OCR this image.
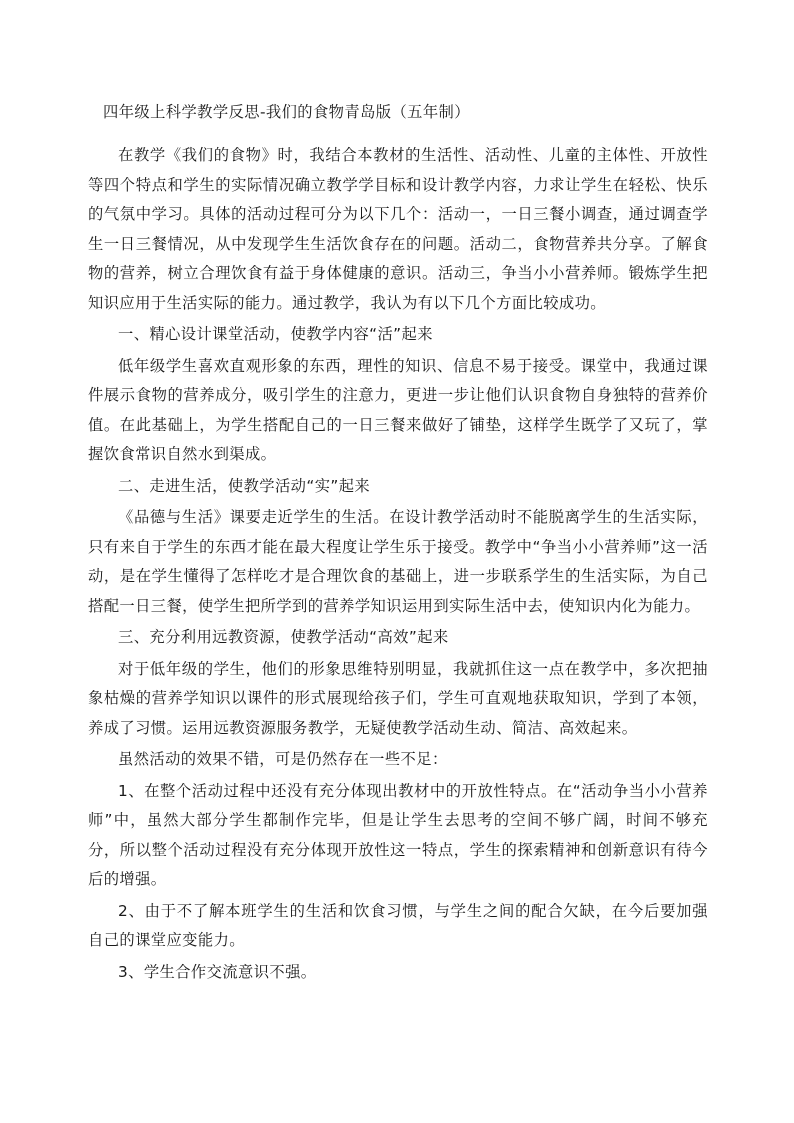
四年级上科学教学反思-我们的食物青岛版（五年制）

在教学《我们的食物》时，我结合本教材的生活性、活动性、儿童的主体性、开放性等四个特点和学生的实际情况确立教学学目标和设计教学内容，力求让学生在轻松、快乐的气氛中学习。具体的活动过程可分为以下几个：活动一，一日三餐小调查，通过调查学生一日三餐情况，从中发现学生生活饮食存在的问题。活动二，食物营养共分享。了解食物的营养，树立合理饮食有益于身体健康的意识。活动三，争当小小营养师。锻炼学生把知识应用于生活实际的能力。通过教学，我认为有以下几个方面比较成功。

一、精心设计课堂活动，使教学内容“活”起来

低年级学生喜欢直观形象的东西，理性的知识、信息不易于接受。课堂中，我通过课件展示食物的营养成分，吸引学生的注意力，更进一步让他们认识食物自身独特的营养价值。在此基础上，为学生搭配自己的一日三餐来做好了铺垫，这样学生既学了又玩了，掌握饮食常识自然水到渠成。

二、走进生活，使教学活动“实”起来

《品德与生活》课要走近学生的生活。在设计教学活动时不能脱离学生的生活实际，只有来自于学生的东西才能在最大程度让学生乐于接受。教学中“争当小小营养师”这一活动，是在学生懂得了怎样吃才是合理饮食的基础上，进一步联系学生的生活实际，为自己搭配一日三餐，使学生把所学到的营养学知识运用到实际生活中去，使知识内化为能力。

三、充分利用远教资源，使教学活动“高效”起来

对于低年级的学生，他们的形象思维特别明显，我就抓住这一点在教学中，多次把抽象枯燥的营养学知识以课件的形式展现给孩子们，学生可直观地获取知识，学到了本领，养成了习惯。运用远教资源服务教学，无疑使教学活动生动、简洁、高效起来。

虽然活动的效果不错，可是仍然存在一些不足：

1、在整个活动过程中还没有充分体现出教材中的开放性特点。在“活动争当小小营养师”中，虽然大部分学生都制作完毕，但是让学生去思考的空间不够广阔，时间不够充分，所以整个活动过程没有充分体现开放性这一特点，学生的探索精神和创新意识有待今后的增强。

2、由于不了解本班学生的生活和饮食习惯，与学生之间的配合欠缺，在今后要加强自己的课堂应变能力。

3、学生合作交流意识不强。
